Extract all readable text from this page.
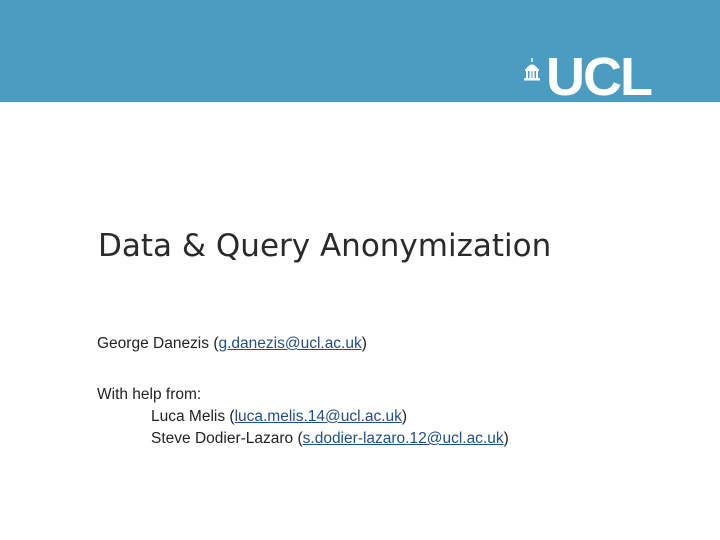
UCL
Data & Query Anonymization
George Danezis (g.danezis@ucl.ac.uk)
With help from:
Luca Melis (luca.melis.14@ucl.ac.uk)
Steve Dodier-Lazaro (s.dodier-lazaro.12@ucl.ac.uk)
